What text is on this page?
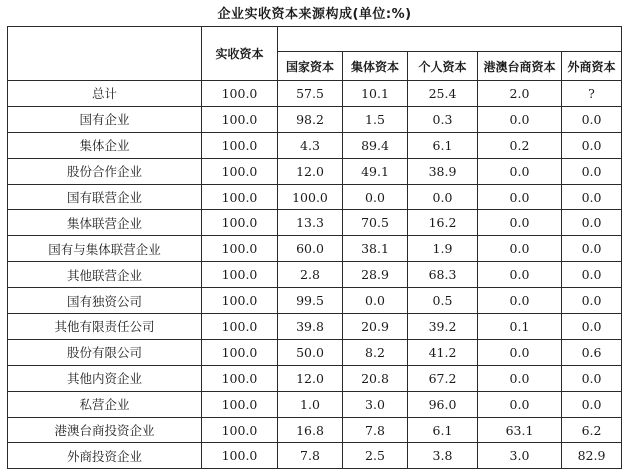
企业实收资本来源构成(单位:%)
	实收资本					
		国家资本	集体资本	个人资本	港澳台商资本	外商资本
总计	100.0	57.5	10.1	25.4	2.0	?
国有企业	100.0	98.2	1.5	0.3	0.0	0.0
集体企业	100.0	4.3	89.4	6.1	0.2	0.0
股份合作企业	100.0	12.0	49.1	38.9	0.0	0.0
国有联营企业	100.0	100.0	0.0	0.0	0.0	0.0
集体联营企业	100.0	13.3	70.5	16.2	0.0	0.0
国有与集体联营企业	100.0	60.0	38.1	1.9	0.0	0.0
其他联营企业	100.0	2.8	28.9	68.3	0.0	0.0
国有独资公司	100.0	99.5	0.0	0.5	0.0	0.0
其他有限责任公司	100.0	39.8	20.9	39.2	0.1	0.0
股份有限公司	100.0	50.0	8.2	41.2	0.0	0.6
其他内资企业	100.0	12.0	20.8	67.2	0.0	0.0
私营企业	100.0	1.0	3.0	96.0	0.0	0.0
港澳台商投资企业	100.0	16.8	7.8	6.1	63.1	6.2
外商投资企业	100.0	7.8	2.5	3.8	3.0	82.9
